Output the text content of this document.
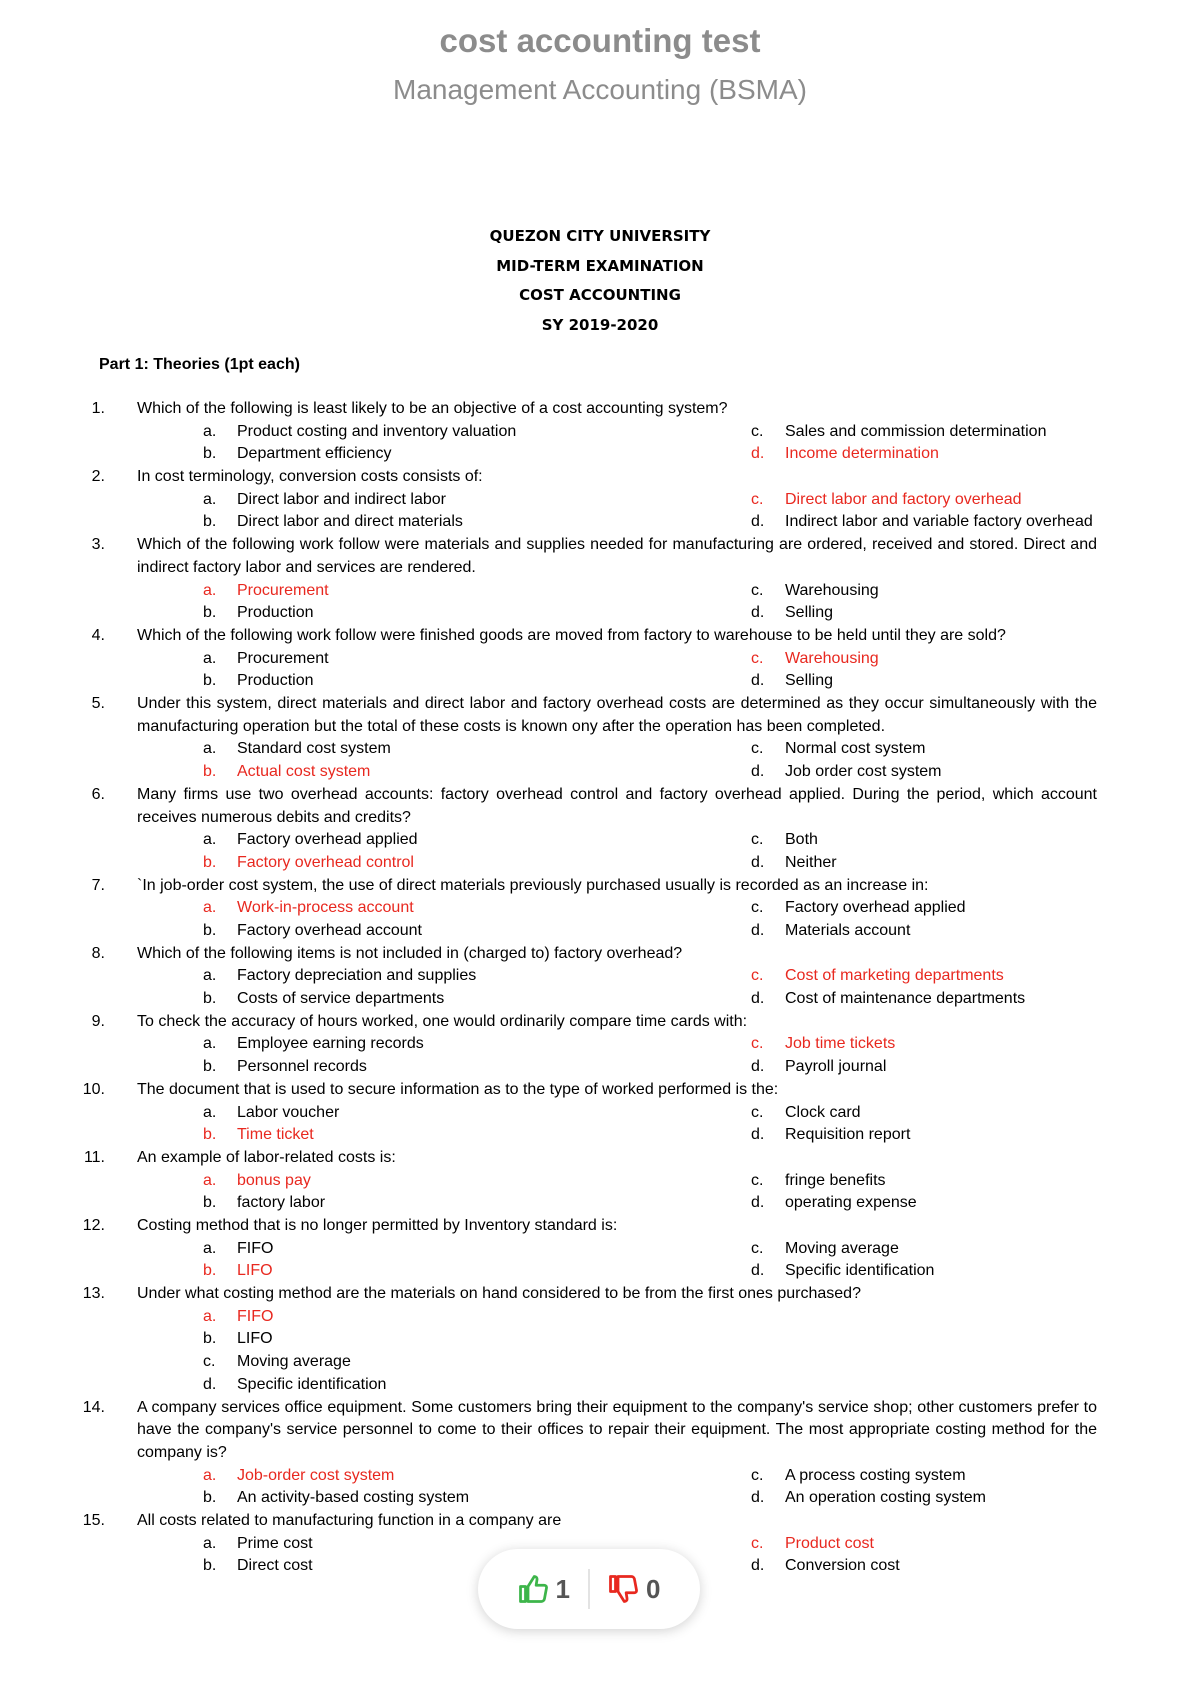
cost accounting test
Management Accounting (BSMA)
QUEZON CITY UNIVERSITY
MID-TERM EXAMINATION
COST ACCOUNTING
SY 2019-2020
Part 1: Theories (1pt each)
1.	Which of the following is least likely to be an objective of a cost accounting system?
a.	Product costing and inventory valuation	c.	Sales and commission determination
b.	Department efficiency	d.	Income determination
2.	In cost terminology, conversion costs consists of:
a.	Direct labor and indirect labor	c.	Direct labor and factory overhead
b.	Direct labor and direct materials	d.	Indirect labor and variable factory overhead
3.	Which of the following work follow were materials and supplies needed for manufacturing are ordered, received and stored. Direct and indirect factory labor and services are rendered.
a.	Procurement	c.	Warehousing
b.	Production	d.	Selling
4.	Which of the following work follow were finished goods are moved from factory to warehouse to be held until they are sold?
a.	Procurement	c.	Warehousing
b.	Production	d.	Selling
5.	Under this system, direct materials and direct labor and factory overhead costs are determined as they occur simultaneously with the manufacturing operation but the total of these costs is known ony after the operation has been completed.
a.	Standard cost system	c.	Normal cost system
b.	Actual cost system	d.	Job order cost system
6.	Many firms use two overhead accounts: factory overhead control and factory overhead applied. During the period, which account receives numerous debits and credits?
a.	Factory overhead applied	c.	Both
b.	Factory overhead control	d.	Neither
7.	`In job-order cost system, the use of direct materials previously purchased usually is recorded as an increase in:
a.	Work-in-process account	c.	Factory overhead applied
b.	Factory overhead account	d.	Materials account
8.	Which of the following items is not included in (charged to) factory overhead?
a.	Factory depreciation and supplies	c.	Cost of marketing departments
b.	Costs of service departments	d.	Cost of maintenance departments
9.	To check the accuracy of hours worked, one would ordinarily compare time cards with:
a.	Employee earning records	c.	Job time tickets
b.	Personnel records	d.	Payroll journal
10.	The document that is used to secure information as to the type of worked performed is the:
a.	Labor voucher	c.	Clock card
b.	Time ticket	d.	Requisition report
11.	An example of labor-related costs is:
a.	bonus pay	c.	fringe benefits
b.	factory labor	d.	operating expense
12.	Costing method that is no longer permitted by Inventory standard is:
a.	FIFO	c.	Moving average
b.	LIFO	d.	Specific identification
13.	Under what costing method are the materials on hand considered to be from the first ones purchased?
a.	FIFO
b.	LIFO
c.	Moving average
d.	Specific identification
14.	A company services office equipment. Some customers bring their equipment to the company's service shop; other customers prefer to have the company's service personnel to come to their offices to repair their equipment. The most appropriate costing method for the company is?
a.	Job-order cost system	c.	A process costing system
b.	An activity-based costing system	d.	An operation costing system
15.	All costs related to manufacturing function in a company are
a.	Prime cost	c.	Product cost
b.	Direct cost	d.	Conversion cost
1	0
